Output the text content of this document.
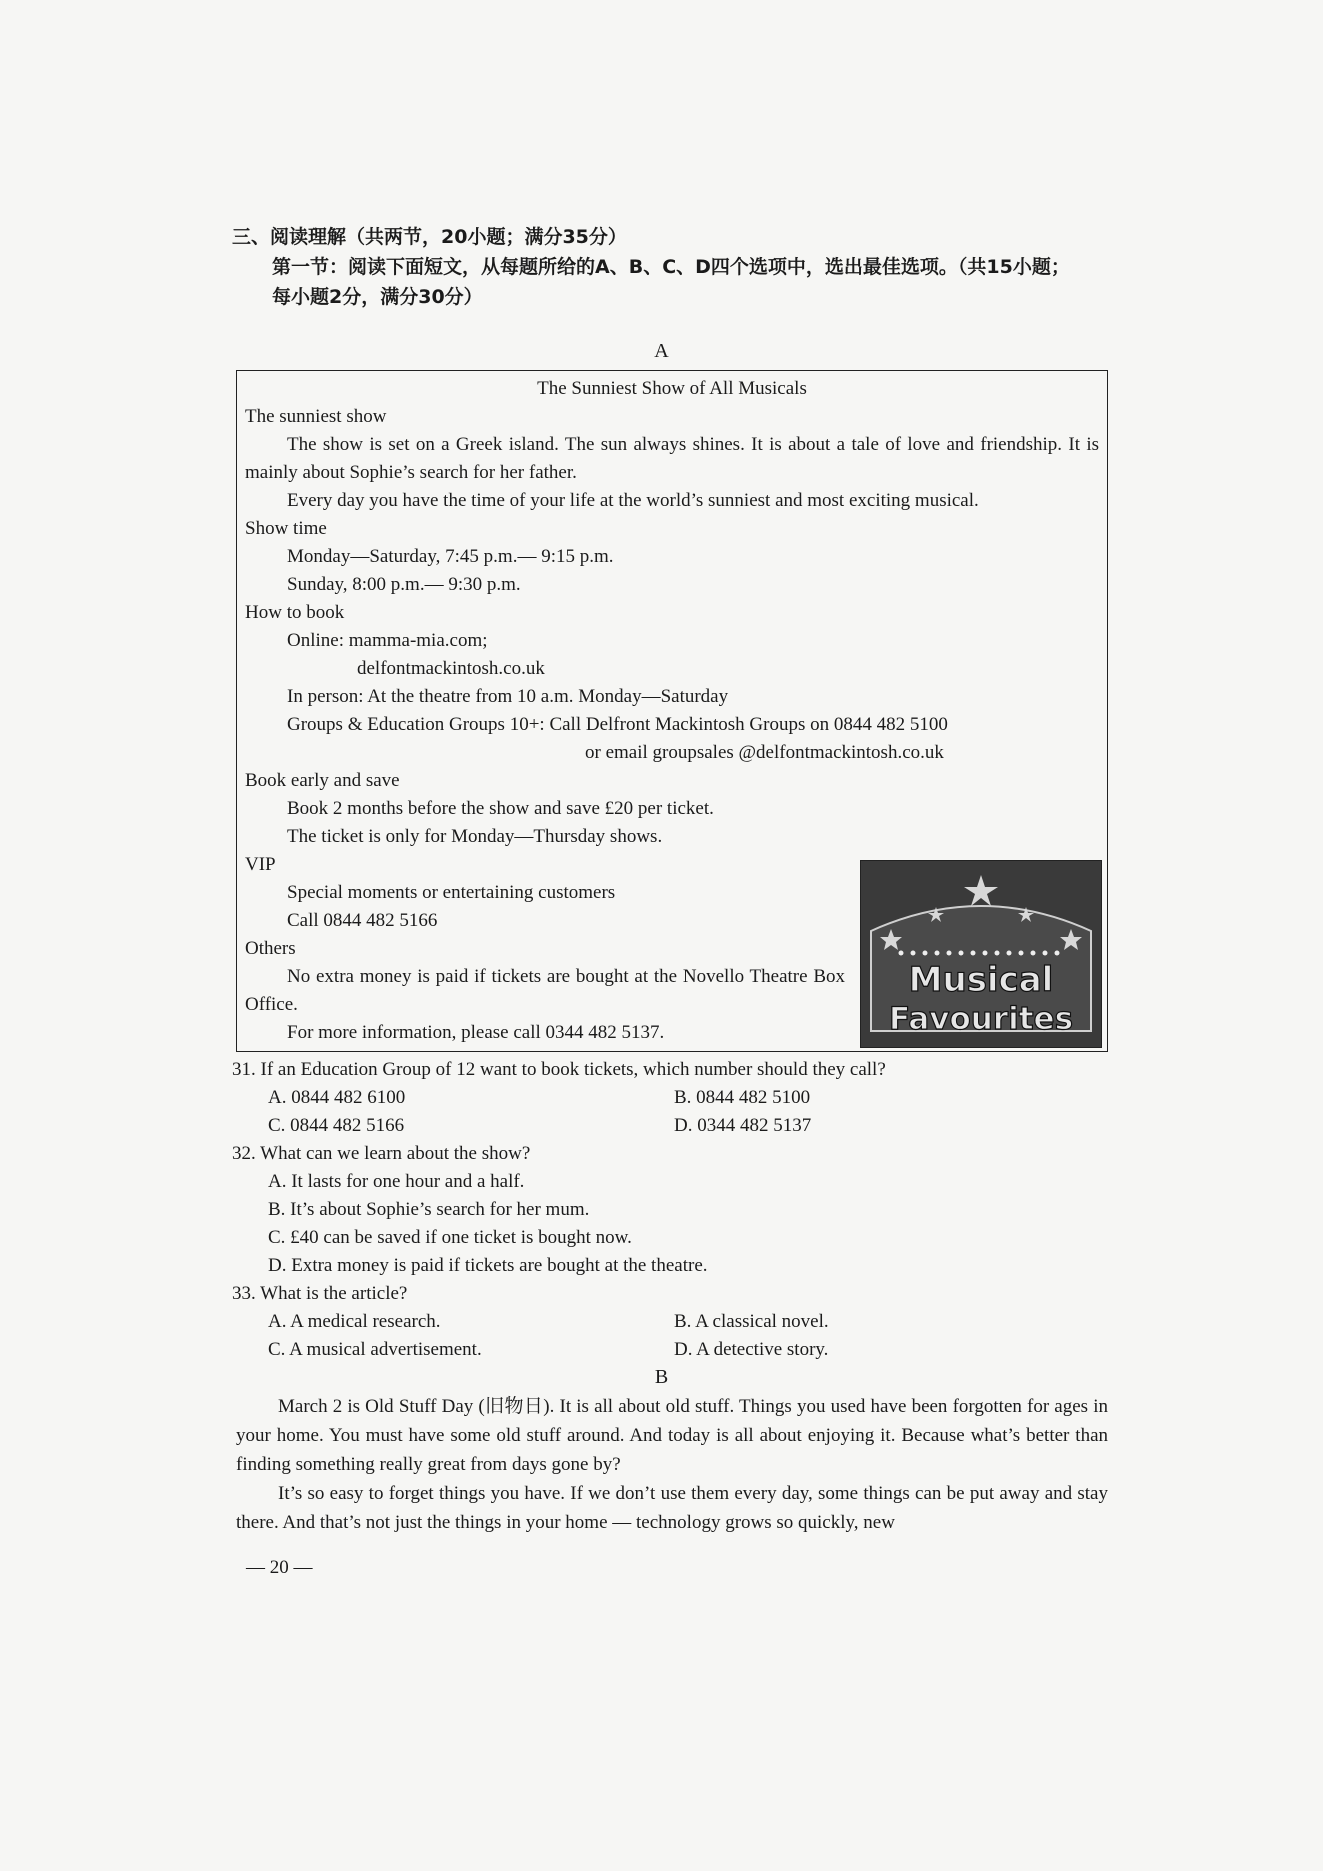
三、阅读理解（共两节，20小题；满分35分）
第一节：阅读下面短文，从每题所给的A、B、C、D四个选项中，选出最佳选项。（共15小题；
每小题2分，满分30分）
A
The Sunniest Show of All Musicals
The sunniest show
The show is set on a Greek island. The sun always shines. It is about a tale of love and friendship. It is mainly about Sophie’s search for her father.
Every day you have the time of your life at the world’s sunniest and most exciting musical.
Show time
Monday—Saturday, 7:45 p.m.— 9:15 p.m.
Sunday, 8:00 p.m.— 9:30 p.m.
How to book
Online: mamma-mia.com;
delfontmackintosh.co.uk
In person: At the theatre from 10 a.m. Monday—Saturday
Groups & Education Groups 10+: Call Delfront Mackintosh Groups on 0844 482 5100
or email groupsales @delfontmackintosh.co.uk
Book early and save
Book 2 months before the show and save £20 per ticket.
The ticket is only for Monday—Thursday shows.
VIP
Special moments or entertaining customers
Call 0844 482 5166
Others
No extra money is paid if tickets are bought at the Novello Theatre Box Office.
For more information, please call 0344 482 5137.
Musical
Favourites
31. If an Education Group of 12 want to book tickets, which number should they call?
A. 0844 482 6100	B. 0844 482 5100
C. 0844 482 5166	D. 0344 482 5137
32. What can we learn about the show?
A. It lasts for one hour and a half.
B. It’s about Sophie’s search for her mum.
C. £40 can be saved if one ticket is bought now.
D. Extra money is paid if tickets are bought at the theatre.
33. What is the article?
A. A medical research.	B. A classical novel.
C. A musical advertisement.	D. A detective story.
B
March 2 is Old Stuff Day (旧物日). It is all about old stuff. Things you used have been forgotten for ages in your home. You must have some old stuff around. And today is all about enjoying it. Because what’s better than finding something really great from days gone by?
It’s so easy to forget things you have. If we don’t use them every day, some things can be put away and stay there. And that’s not just the things in your home — technology grows so quickly, new
— 20 —
